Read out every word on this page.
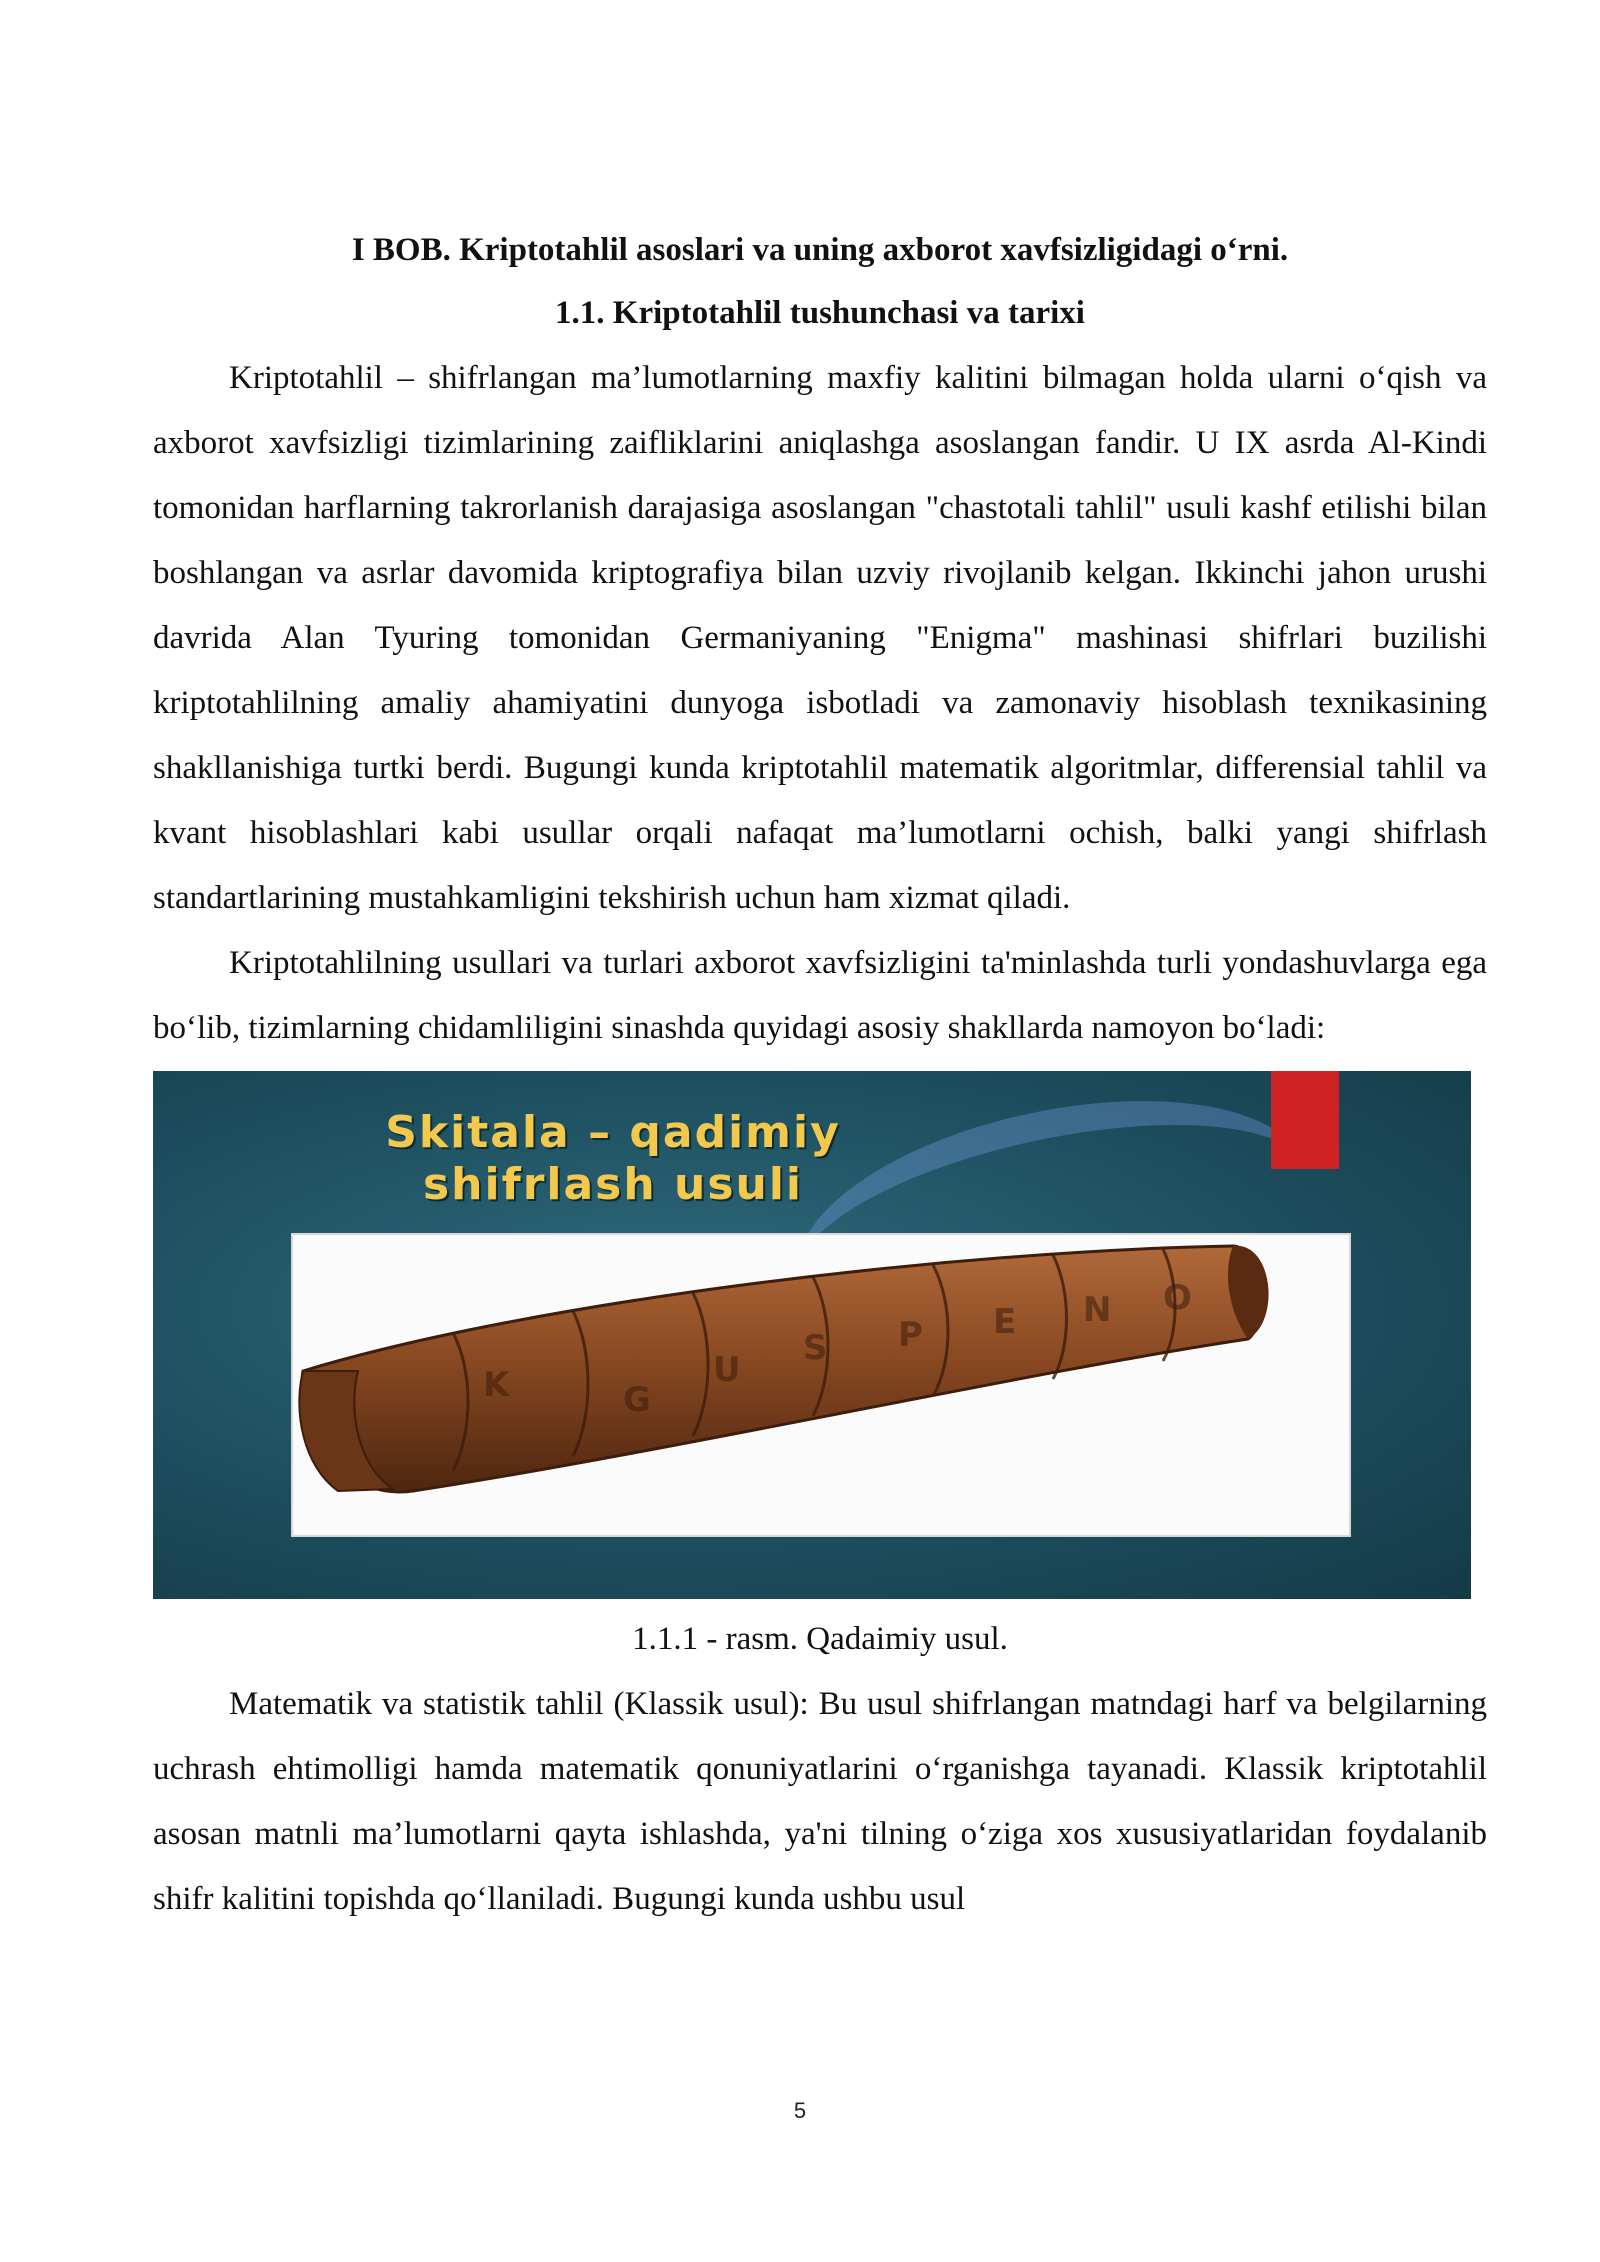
I BOB. Kriptotahlil asoslari va uning axborot xavfsizligidagi o‘rni.
1.1. Kriptotahlil tushunchasi va tarixi

Kriptotahlil – shifrlangan ma’lumotlarning maxfiy kalitini bilmagan holda ularni o‘qish va axborot xavfsizligi tizimlarining zaifliklarini aniqlashga asoslangan fandir. U IX asrda Al-Kindi tomonidan harflarning takrorlanish darajasiga asoslangan "chastotali tahlil" usuli kashf etilishi bilan boshlangan va asrlar davomida kriptografiya bilan uzviy rivojlanib kelgan. Ikkinchi jahon urushi davrida Alan Tyuring tomonidan Germaniyaning "Enigma" mashinasi shifrlari buzilishi kriptotahlilning amaliy ahamiyatini dunyoga isbotladi va zamonaviy hisoblash texnikasining shakllanishiga turtki berdi. Bugungi kunda kriptotahlil matematik algoritmlar, differensial tahlil va kvant hisoblashlari kabi usullar orqali nafaqat ma’lumotlarni ochish, balki yangi shifrlash standartlarining mustahkamligini tekshirish uchun ham xizmat qiladi.

Kriptotahlilning usullari va turlari axborot xavfsizligini ta'minlashda turli yondashuvlarga ega bo‘lib, tizimlarning chidamliligini sinashda quyidagi asosiy shakllarda namoyon bo‘ladi:

Skitala – qadimiy
shifrlash usuli
K	G
U
S P E N O

1.1.1 - rasm. Qadaimiy usul.

Matematik va statistik tahlil (Klassik usul): Bu usul shifrlangan matndagi harf va belgilarning uchrash ehtimolligi hamda matematik qonuniyatlarini o‘rganishga tayanadi. Klassik kriptotahlil asosan matnli ma’lumotlarni qayta ishlashda, ya'ni tilning o‘ziga xos xususiyatlaridan foydalanib shifr kalitini topishda qo‘llaniladi. Bugungi kunda ushbu usul

5
